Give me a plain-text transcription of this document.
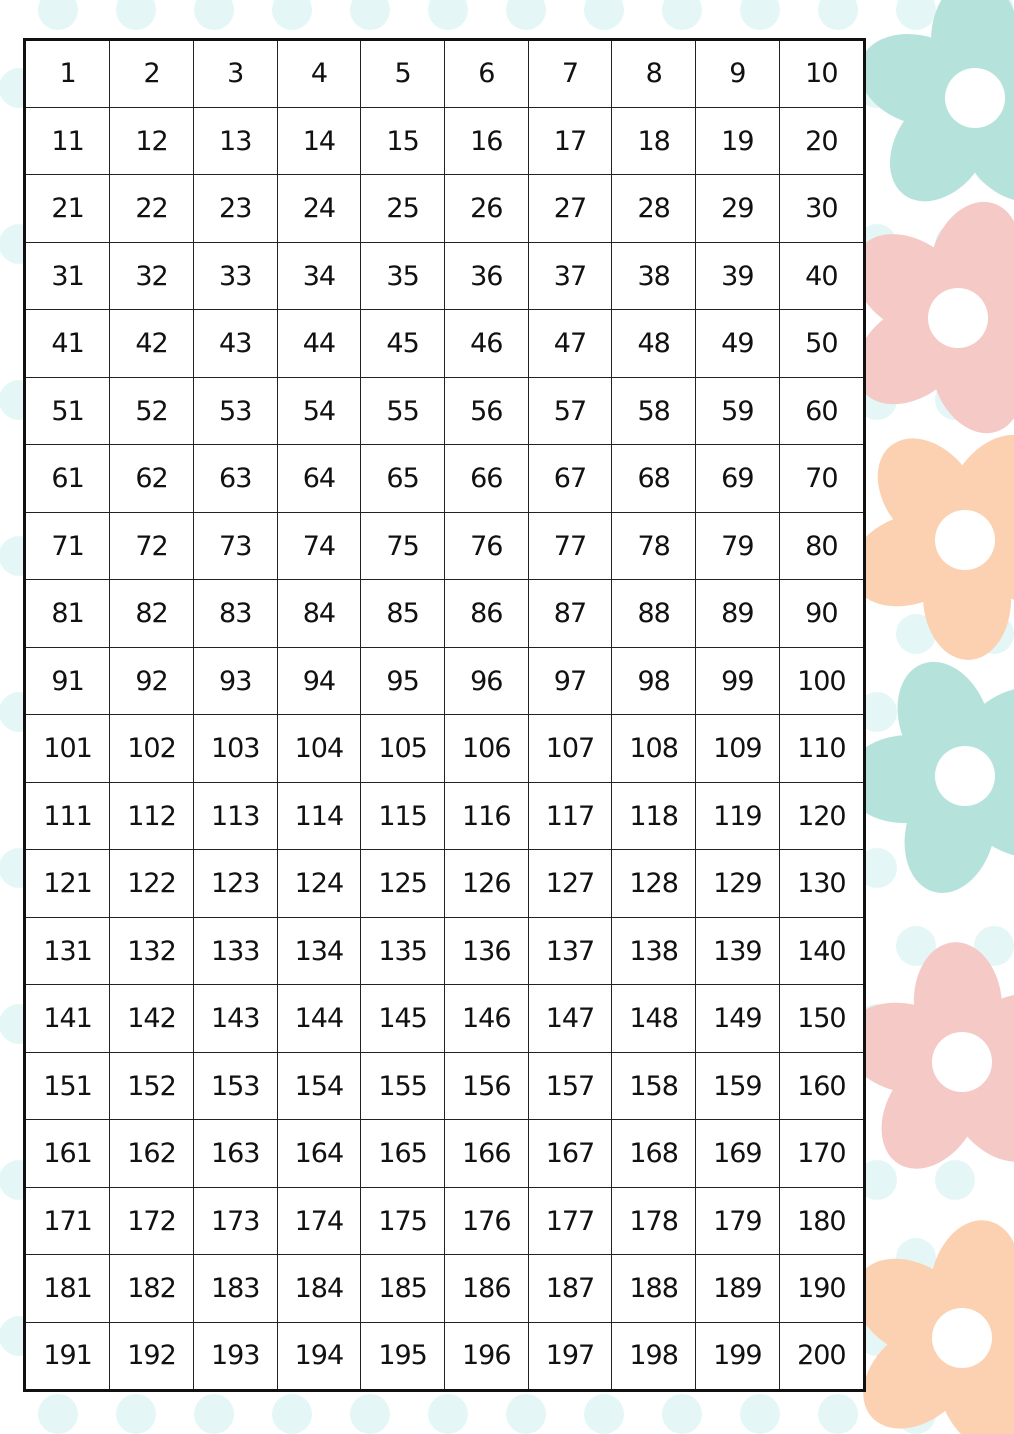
1	2	3	4	5	6	7	8	9	10
11	12	13	14	15	16	17	18	19	20
21	22	23	24	25	26	27	28	29	30
31	32	33	34	35	36	37	38	39	40
41	42	43	44	45	46	47	48	49	50
51	52	53	54	55	56	57	58	59	60
61	62	63	64	65	66	67	68	69	70
71	72	73	74	75	76	77	78	79	80
81	82	83	84	85	86	87	88	89	90
91	92	93	94	95	96	97	98	99	100
101	102	103	104	105	106	107	108	109	110
111	112	113	114	115	116	117	118	119	120
121	122	123	124	125	126	127	128	129	130
131	132	133	134	135	136	137	138	139	140
141	142	143	144	145	146	147	148	149	150
151	152	153	154	155	156	157	158	159	160
161	162	163	164	165	166	167	168	169	170
171	172	173	174	175	176	177	178	179	180
181	182	183	184	185	186	187	188	189	190
191	192	193	194	195	196	197	198	199	200
